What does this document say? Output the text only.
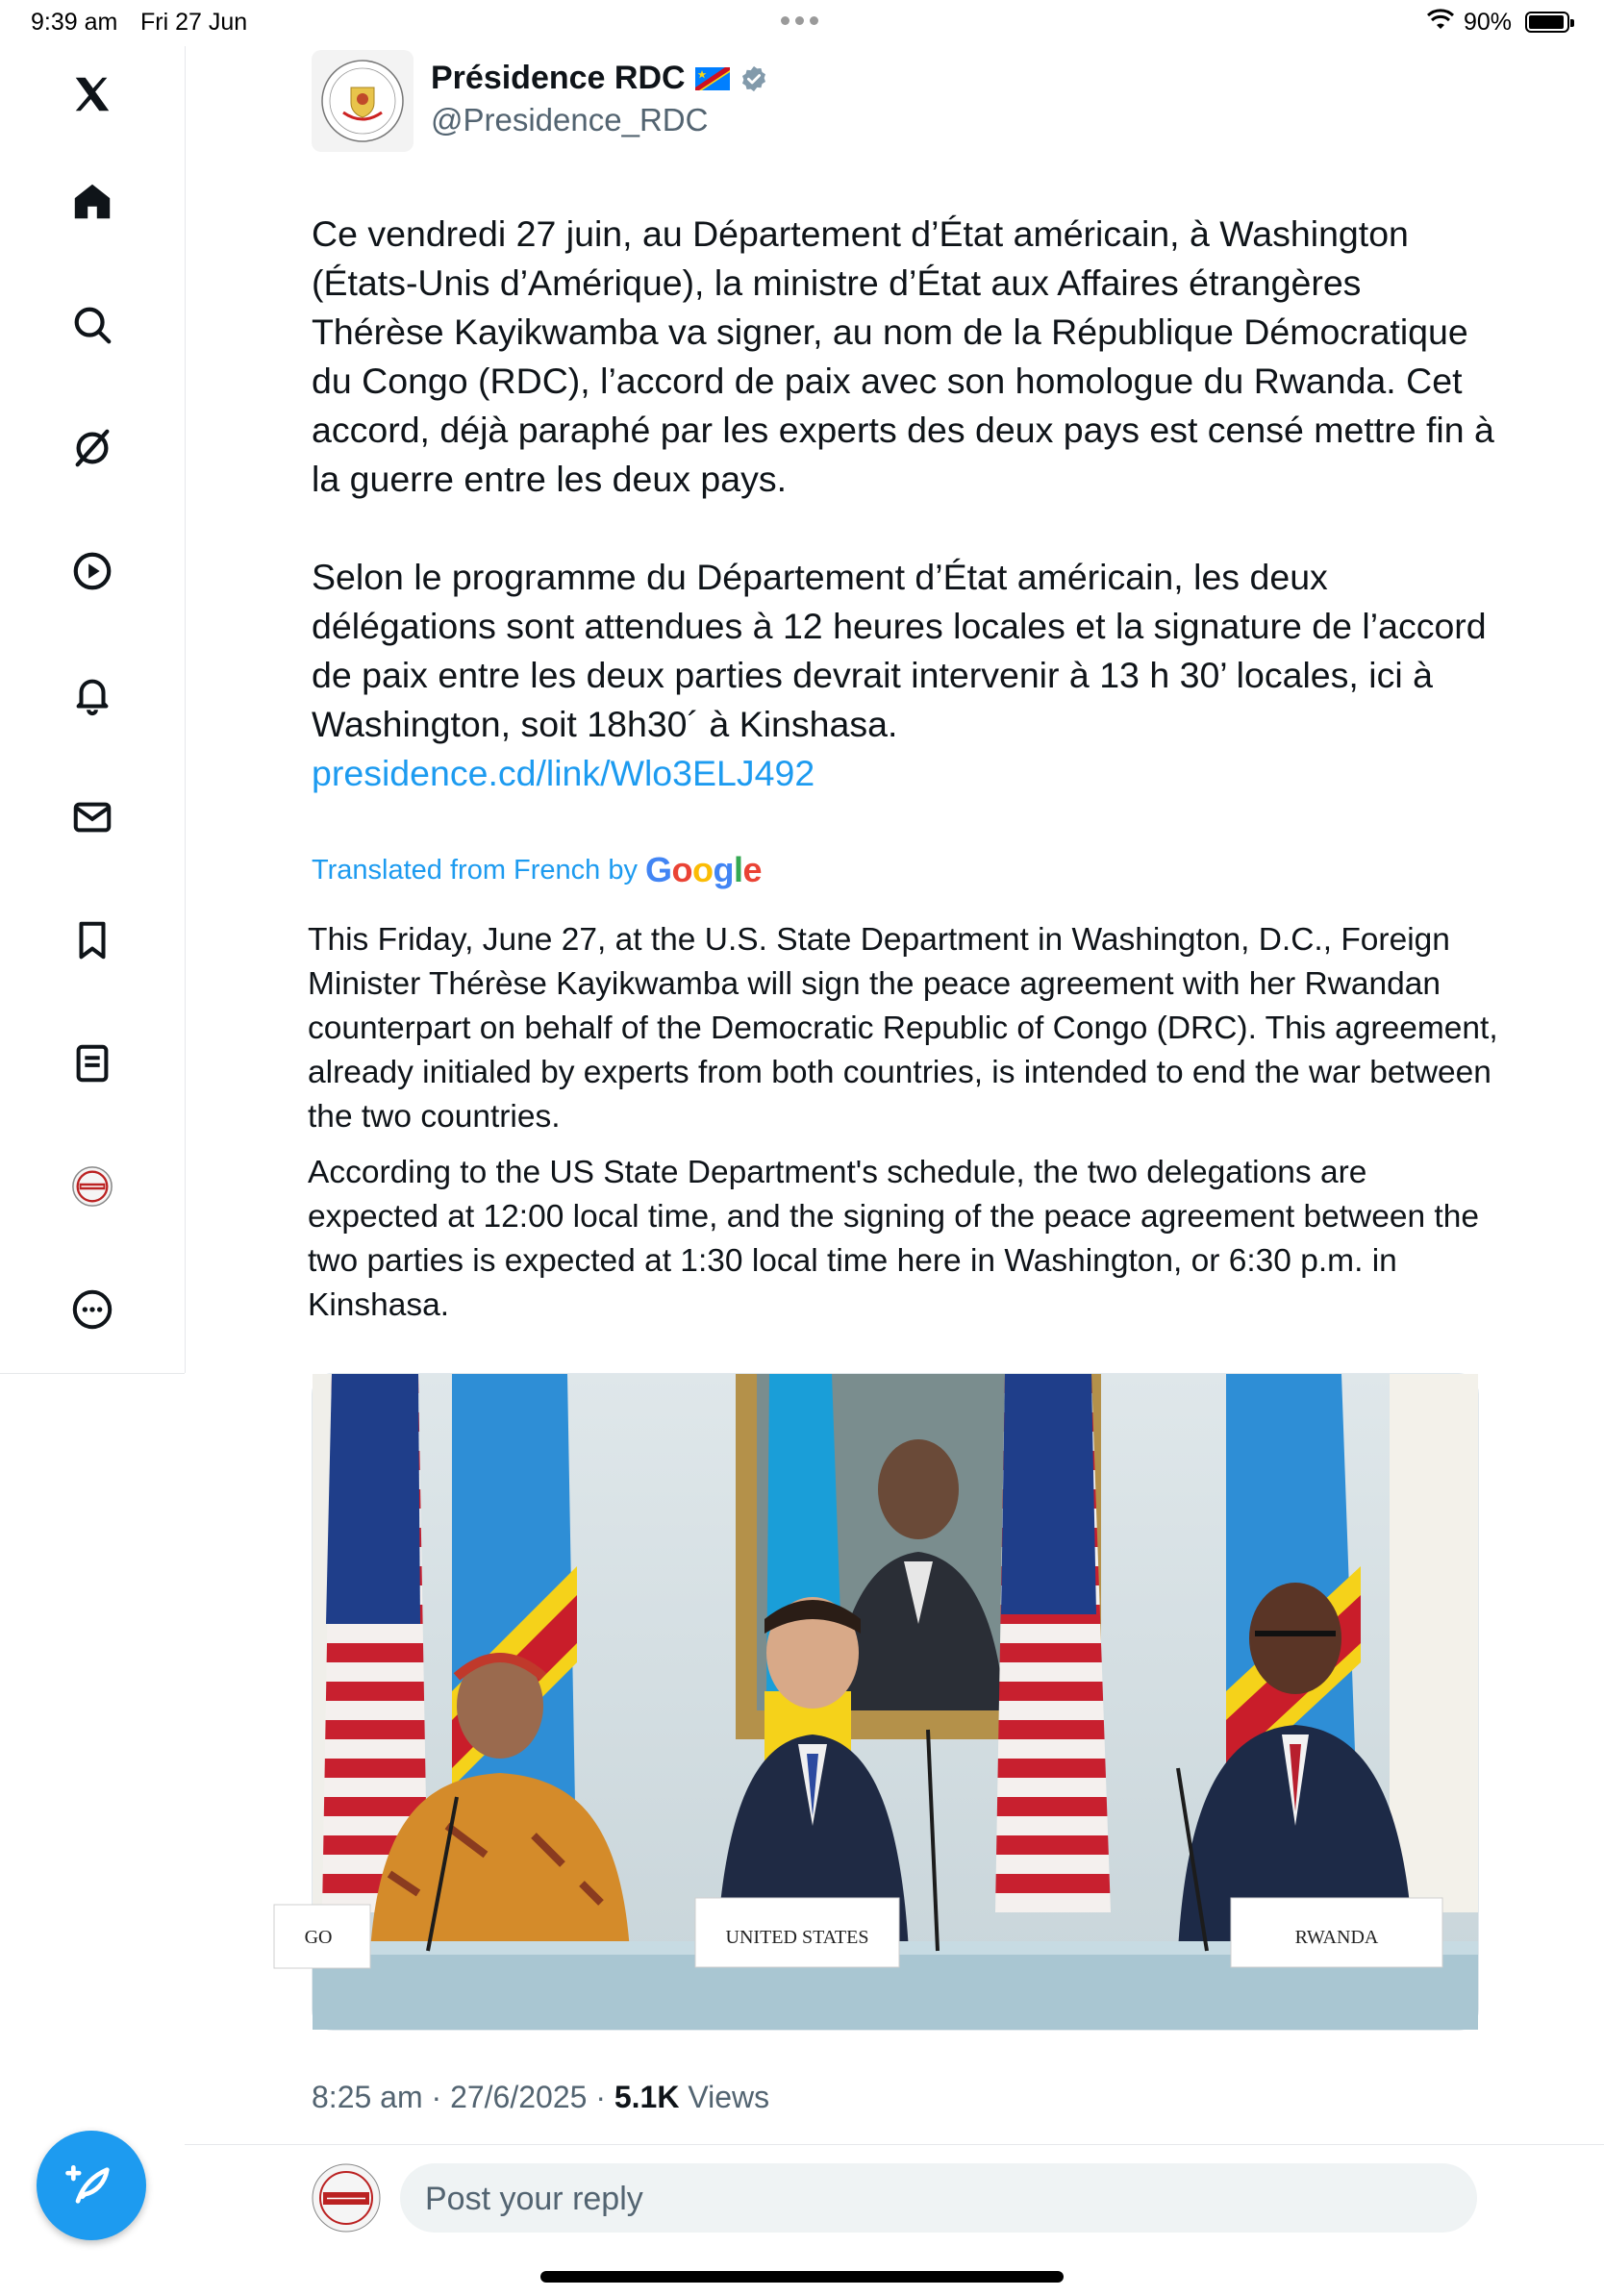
9:39 am Fri 27 Jun	90%
Présidence RDC
@Presidence_RDC

Ce vendredi 27 juin, au Département d’État américain, à Washington (États-Unis d’Amérique), la ministre d’État aux Affaires étrangères Thérèse Kayikwamba va signer, au nom de la République Démocratique du Congo (RDC), l’accord de paix avec son homologue du Rwanda. Cet accord, déjà paraphé par les experts des deux pays est censé mettre fin à la guerre entre les deux pays.

Selon le programme du Département d’État américain, les deux délégations sont attendues à 12 heures locales et la signature de l’accord de paix entre les deux parties devrait intervenir à 13 h 30’ locales, ici à Washington, soit 18h30´ à Kinshasa.
presidence.cd/link/Wlo3ELJ492

Translated from French by Google

This Friday, June 27, at the U.S. State Department in Washington, D.C., Foreign Minister Thérèse Kayikwamba will sign the peace agreement with her Rwandan counterpart on behalf of the Democratic Republic of Congo (DRC). This agreement, already initialed by experts from both countries, is intended to end the war between the two countries.

According to the US State Department's schedule, the two delegations are expected at 12:00 local time, and the signing of the peace agreement between the two parties is expected at 1:30 local time here in Washington, or 6:30 p.m. in Kinshasa.

UNITED STATES	RWANDA
GO
8:25 am · 27/6/2025 · 5.1K Views
Post your reply
